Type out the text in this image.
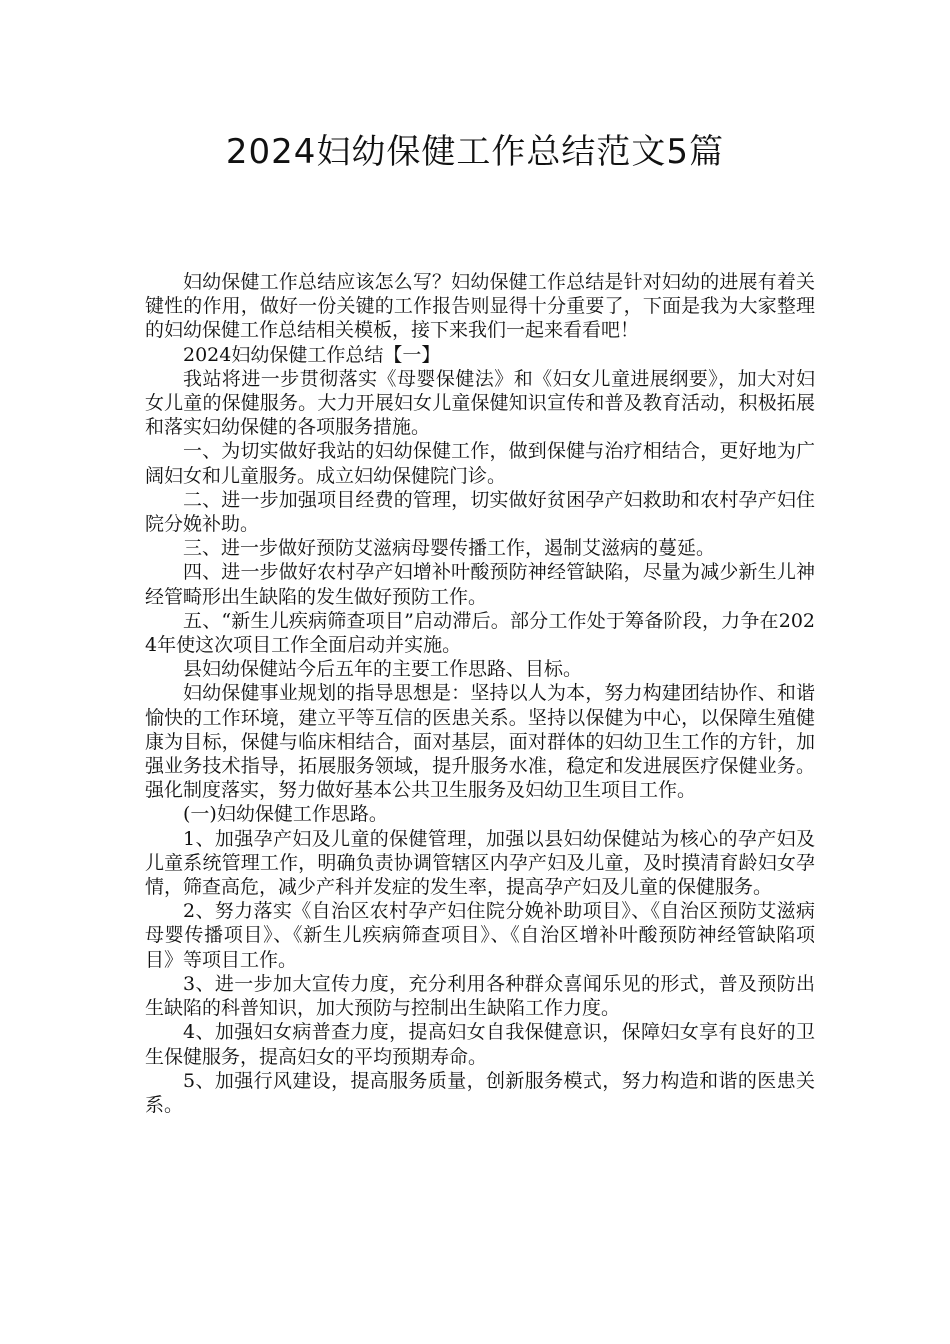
2024妇幼保健工作总结范文5篇

妇幼保健工作总结应该怎么写？妇幼保健工作总结是针对妇幼的进展有着关键性的作用，做好一份关键的工作报告则显得十分重要了，下面是我为大家整理的妇幼保健工作总结相关模板，接下来我们一起来看看吧！

2024妇幼保健工作总结【一】

我站将进一步贯彻落实《母婴保健法》和《妇女儿童进展纲要》，加大对妇女儿童的保健服务。大力开展妇女儿童保健知识宣传和普及教育活动，积极拓展和落实妇幼保健的各项服务措施。

一、为切实做好我站的妇幼保健工作，做到保健与治疗相结合，更好地为广阔妇女和儿童服务。成立妇幼保健院门诊。

二、进一步加强项目经费的管理，切实做好贫困孕产妇救助和农村孕产妇住院分娩补助。

三、进一步做好预防艾滋病母婴传播工作，遏制艾滋病的蔓延。

四、进一步做好农村孕产妇增补叶酸预防神经管缺陷，尽量为减少新生儿神经管畸形出生缺陷的发生做好预防工作。

五、“新生儿疾病筛查项目”启动滞后。部分工作处于筹备阶段，力争在2024年使这次项目工作全面启动并实施。

县妇幼保健站今后五年的主要工作思路、目标。

妇幼保健事业规划的指导思想是：坚持以人为本，努力构建团结协作、和谐愉快的工作环境，建立平等互信的医患关系。坚持以保健为中心，以保障生殖健康为目标，保健与临床相结合，面对基层，面对群体的妇幼卫生工作的方针，加强业务技术指导，拓展服务领域，提升服务水准，稳定和发进展医疗保健业务。强化制度落实，努力做好基本公共卫生服务及妇幼卫生项目工作。

(一)妇幼保健工作思路。

1、加强孕产妇及儿童的保健管理，加强以县妇幼保健站为核心的孕产妇及儿童系统管理工作，明确负责协调管辖区内孕产妇及儿童，及时摸清育龄妇女孕情，筛查高危，减少产科并发症的发生率，提高孕产妇及儿童的保健服务。

2、努力落实《自治区农村孕产妇住院分娩补助项目》、《自治区预防艾滋病母婴传播项目》、《新生儿疾病筛查项目》、《自治区增补叶酸预防神经管缺陷项目》等项目工作。

3、进一步加大宣传力度，充分利用各种群众喜闻乐见的形式，普及预防出生缺陷的科普知识，加大预防与控制出生缺陷工作力度。

4、加强妇女病普查力度，提高妇女自我保健意识，保障妇女享有良好的卫生保健服务，提高妇女的平均预期寿命。

5、加强行风建设，提高服务质量，创新服务模式，努力构造和谐的医患关系。
